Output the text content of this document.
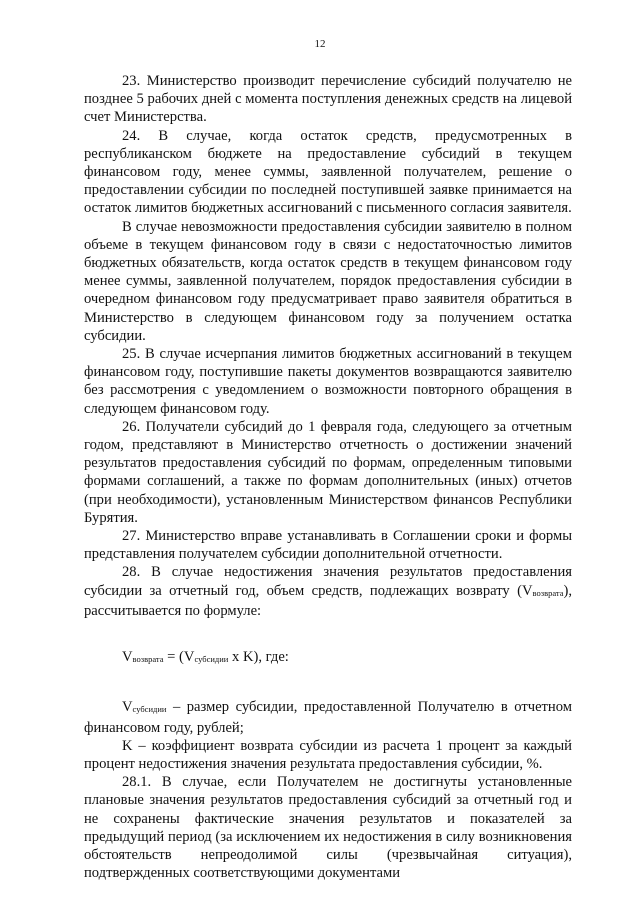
12

23. Министерство производит перечисление субсидий получателю не позднее 5 рабочих дней с момента поступления денежных средств на лицевой счет Министерства.

24. В случае, когда остаток средств, предусмотренных в республиканском бюджете на предоставление субсидий в текущем финансовом году, менее суммы, заявленной получателем, решение о предоставлении субсидии по последней поступившей заявке принимается на остаток лимитов бюджетных ассигнований с письменного согласия заявителя.

В случае невозможности предоставления субсидии заявителю в полном объеме в текущем финансовом году в связи с недостаточностью лимитов бюджетных обязательств, когда остаток средств в текущем финансовом году менее суммы, заявленной получателем, порядок предоставления субсидии в очередном финансовом году предусматривает право заявителя обратиться в Министерство в следующем финансовом году за получением остатка субсидии.

25. В случае исчерпания лимитов бюджетных ассигнований в текущем финансовом году, поступившие пакеты документов возвращаются заявителю без рассмотрения с уведомлением о возможности повторного обращения в следующем финансовом году.

26. Получатели субсидий до 1 февраля года, следующего за отчетным годом, представляют в Министерство отчетность о достижении значений результатов предоставления субсидий по формам, определенным типовыми формами соглашений, а также по формам дополнительных (иных) отчетов (при необходимости), установленным Министерством финансов Республики Бурятия.

27. Министерство вправе устанавливать в Соглашении сроки и формы представления получателем субсидии дополнительной отчетности.

28. В случае недостижения значения результатов предоставления субсидии за отчетный год, объем средств, подлежащих возврату (Vвозврата), рассчитывается по формуле:

Vвозврата = (Vсубсидии x K), где:

Vсубсидии – размер субсидии, предоставленной Получателю в отчетном финансовом году, рублей;

K – коэффициент возврата субсидии из расчета 1 процент за каждый процент недостижения значения результата предоставления субсидии, %.

28.1. В случае, если Получателем не достигнуты установленные плановые значения результатов предоставления субсидий за отчетный год и не сохранены фактические значения результатов и показателей за предыдущий период (за исключением их недостижения в силу возникновения обстоятельств непреодолимой силы (чрезвычайная ситуация), подтвержденных соответствующими документами
